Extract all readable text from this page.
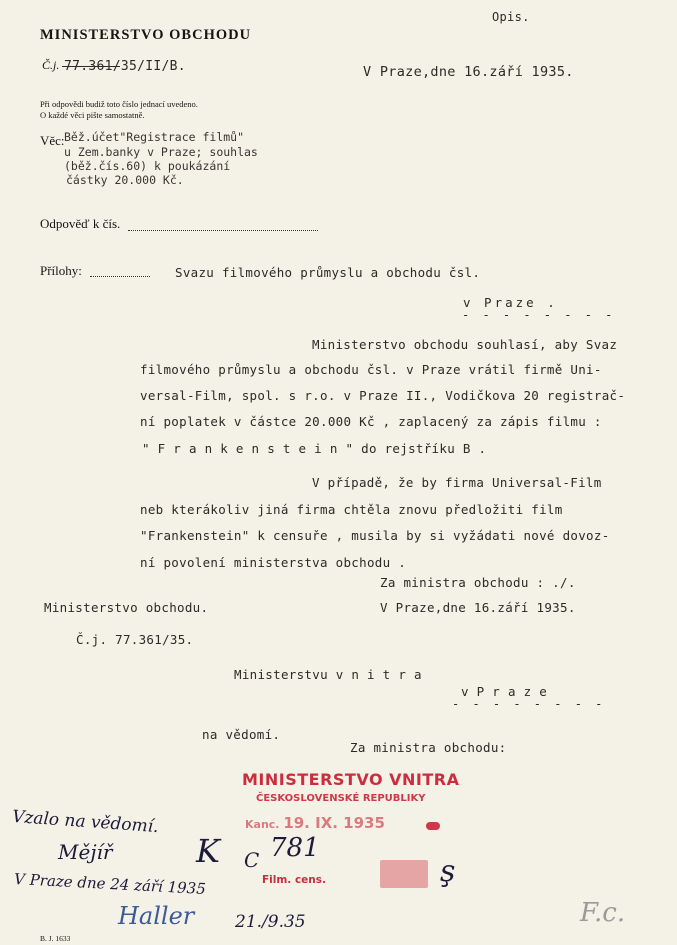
MINISTERSTVO OBCHODU
Opis.
Č.j. 77.361/35/II/B.	V Praze,dne 16.září 1935.
Při odpovědi budiž toto číslo jednací uvedeno.
O každé věci pište samostatně.
Věc: Běž.účet"Registrace filmů"
u Zem.banky v Praze; souhlas
(běž.čís.60) k poukázání
částky 20.000 Kč.
Odpověď k čís.
Přílohy:	Svazu filmového průmyslu a obchodu čsl.
v Praze .
- - - - - - - -
Ministerstvo obchodu souhlasí, aby Svaz
filmového průmyslu a obchodu čsl. v Praze vrátil firmě Uni-
versal-Film, spol. s r.o. v Praze II., Vodičkova 20 registrač-
ní poplatek v částce 20.000 Kč , zaplacený za zápis filmu :
" F r a n k e n s t e i n " do rejstříku B .
V případě, že by firma Universal-Film
neb kterákoliv jiná firma chtěla znovu předložiti film
"Frankenstein" k censuře , musila by si vyžádati nové dovoz-
ní povolení ministerstva obchodu .
Za ministra obchodu : ./.
Ministerstvo obchodu.	V Praze,dne 16.září 1935.
Č.j. 77.361/35.
Ministerstvu v n i t r a
v P r a z e
- - - - - - - -
na vědomí.
Za ministra obchodu:
MINISTERSTVO VNITRA
ČESKOSLOVENSKÉ REPUBLIKY
Kanc. 19. IX. 1935
Film. cens.
Vzalo na vědomí.
Mějíř
V Praze dne 24 září 1935
K C 781
Haller 21./9.35	F.c.
ş
B. J. 1633
